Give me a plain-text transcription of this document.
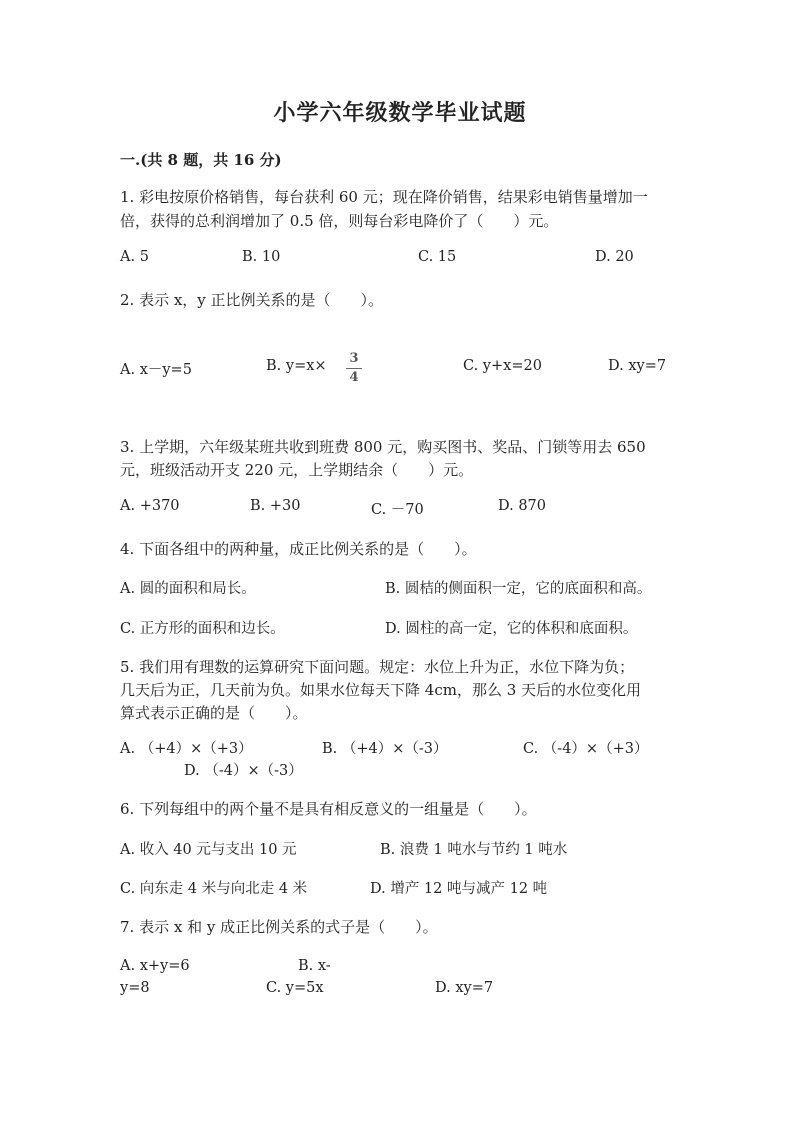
小学六年级数学毕业试题
一.(共 8 题，共 16 分)
1. 彩电按原价格销售，每台获利 60 元；现在降价销售，结果彩电销售量增加一
倍，获得的总利润增加了 0.5 倍，则每台彩电降价了（　　）元。
A. 5	B. 10	C. 15	D. 20
2. 表示 x，y 正比例关系的是（　　）。
A. x－y=5	B. y=x×	3
4
C. y+x=20	D. xy=7
3. 上学期，六年级某班共收到班费 800 元，购买图书、奖品、门锁等用去 650
元，班级活动开支 220 元，上学期结余（　　）元。
A. +370	B. +30	C. －70	D. 870
4. 下面各组中的两种量，成正比例关系的是（　　）。
A. 圆的面积和局长。	B. 圆桔的侧面积一定，它的底面积和高。
C. 正方形的面积和边长。	D. 圆柱的高一定，它的体积和底面积。
5. 我们用有理数的运算研究下面问题。规定：水位上升为正，水位下降为负；
几天后为正，几天前为负。如果水位每天下降 4cm，那么 3 天后的水位变化用
算式表示正确的是（　　）。
A. （+4）×（+3）	B. （+4）×（-3）	C. （-4）×（+3）
D. （-4）×（-3）
6. 下列每组中的两个量不是具有相反意义的一组量是（　　）。
A. 收入 40 元与支出 10 元	B. 浪费 1 吨水与节约 1 吨水
C. 向东走 4 米与向北走 4 米	D. 增产 12 吨与减产 12 吨
7. 表示 x 和 y 成正比例关系的式子是（　　）。
A. x+y=6	B. x-
y=8	C. y=5x	D. xy=7
